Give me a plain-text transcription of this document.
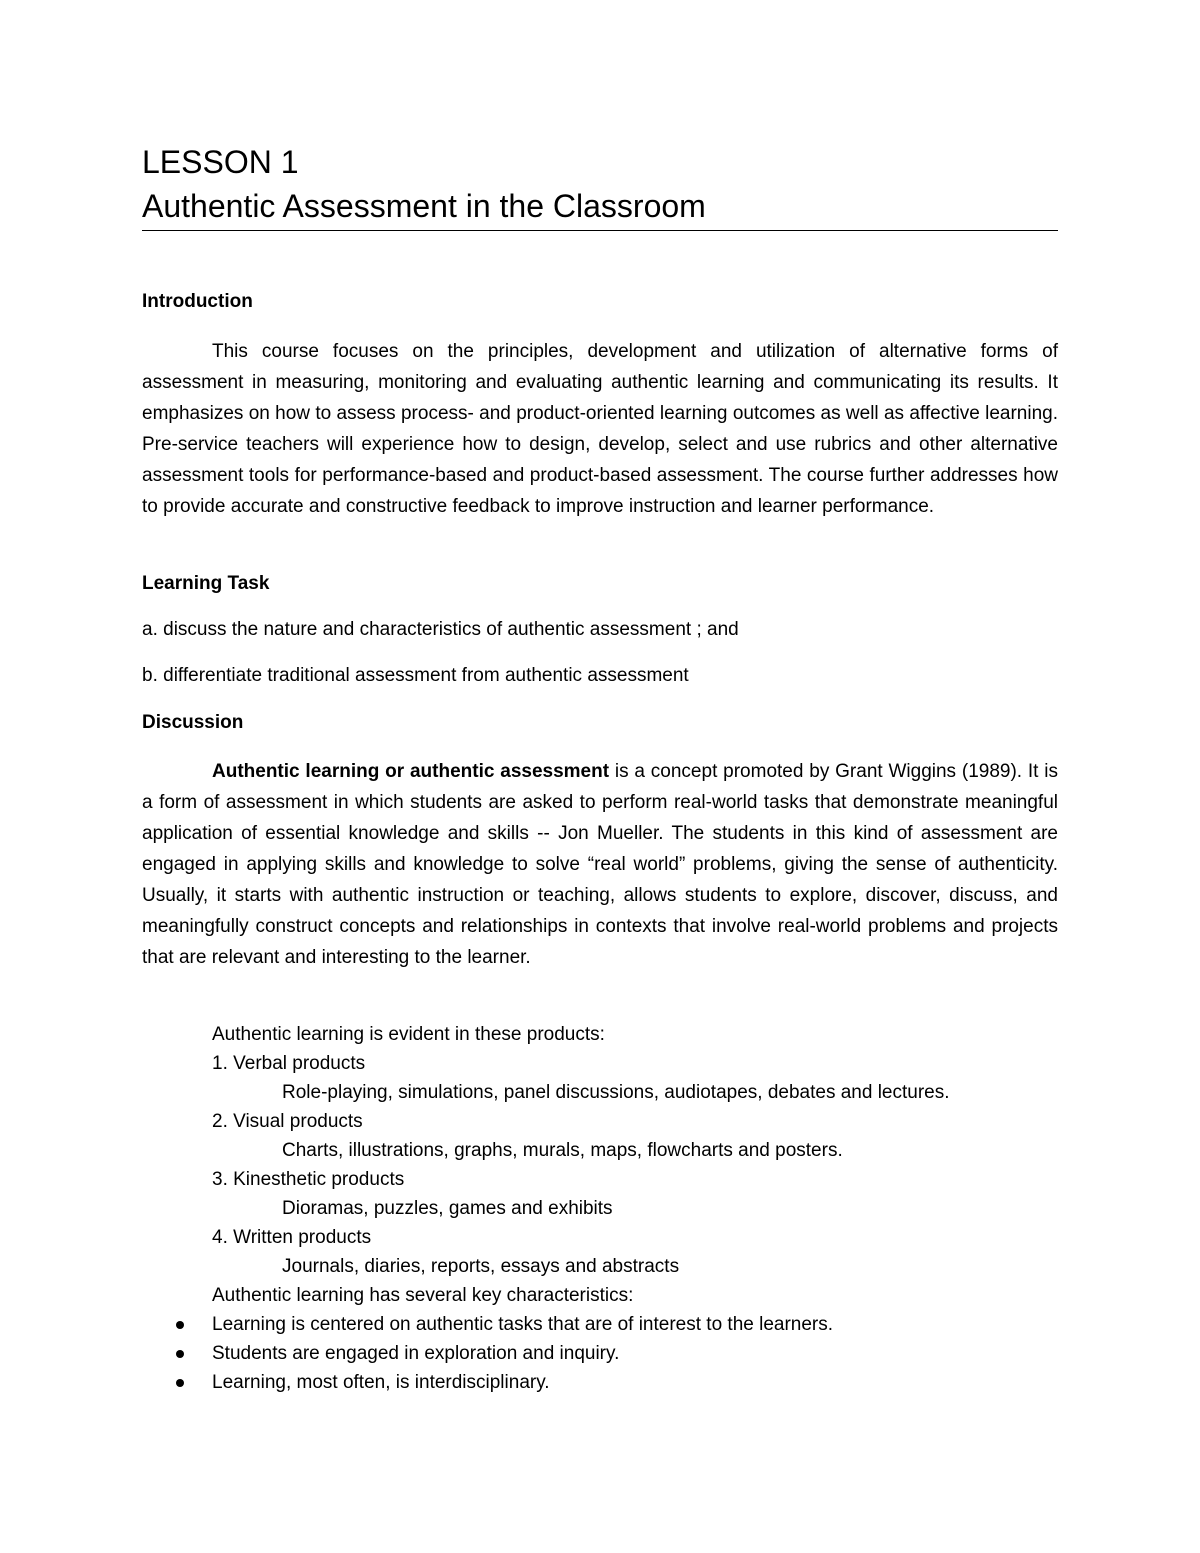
LESSON 1
Authentic Assessment in the Classroom
Introduction

This course focuses on the principles, development and utilization of alternative forms of assessment in measuring, monitoring and evaluating authentic learning and communicating its results. It emphasizes on how to assess process- and product-oriented learning outcomes as well as affective learning. Pre-service teachers will experience how to design, develop, select and use rubrics and other alternative assessment tools for performance-based and product-based assessment. The course further addresses how to provide accurate and constructive feedback to improve instruction and learner performance.

Learning Task
a. discuss the nature and characteristics of authentic assessment ; and
b. differentiate traditional assessment from authentic assessment
Discussion

Authentic learning or authentic assessment is a concept promoted by Grant Wiggins (1989). It is a form of assessment in which students are asked to perform real-world tasks that demonstrate meaningful application of essential knowledge and skills -- Jon Mueller. The students in this kind of assessment are engaged in applying skills and knowledge to solve “real world” problems, giving the sense of authenticity. Usually, it starts with authentic instruction or teaching, allows students to explore, discover, discuss, and meaningfully construct concepts and relationships in contexts that involve real-world problems and projects that are relevant and interesting to the learner.

Authentic learning is evident in these products:
1. Verbal products
Role-playing, simulations, panel discussions, audiotapes, debates and lectures.
2. Visual products
Charts, illustrations, graphs, murals, maps, flowcharts and posters.
3. Kinesthetic products
Dioramas, puzzles, games and exhibits
4. Written products
Journals, diaries, reports, essays and abstracts
Authentic learning has several key characteristics:
Learning is centered on authentic tasks that are of interest to the learners.
Students are engaged in exploration and inquiry.
Learning, most often, is interdisciplinary.
